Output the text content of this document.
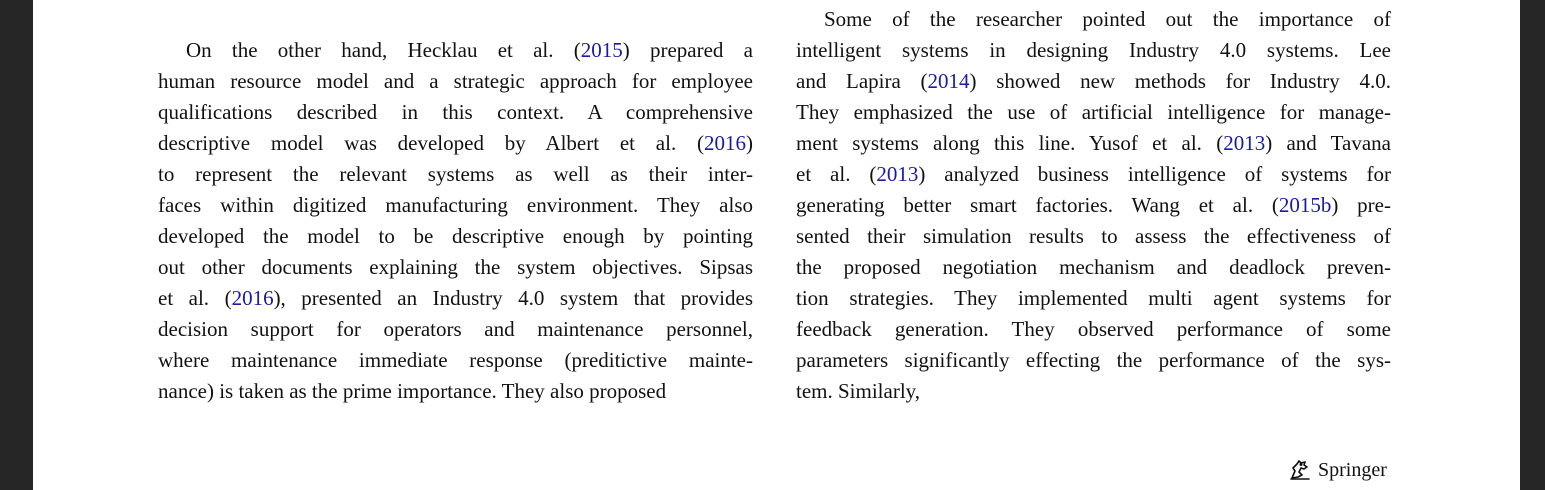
On the other hand, Hecklau et al. (2015) prepared a
human resource model and a strategic approach for employee
qualifications described in this context. A comprehensive
descriptive model was developed by Albert et al. (2016)
to represent the relevant systems as well as their inter-
faces within digitized manufacturing environment. They also
developed the model to be descriptive enough by pointing
out other documents explaining the system objectives. Sipsas
et al. (2016), presented an Industry 4.0 system that provides
decision support for operators and maintenance personnel,
where maintenance immediate response (preditictive mainte-
nance) is taken as the prime importance. They also proposed
Some of the researcher pointed out the importance of
intelligent systems in designing Industry 4.0 systems. Lee
and Lapira (2014) showed new methods for Industry 4.0.
They emphasized the use of artificial intelligence for manage-
ment systems along this line. Yusof et al. (2013) and Tavana
et al. (2013) analyzed business intelligence of systems for
generating better smart factories. Wang et al. (2015b) pre-
sented their simulation results to assess the effectiveness of
the proposed negotiation mechanism and deadlock preven-
tion strategies. They implemented multi agent systems for
feedback generation. They observed performance of some
parameters significantly effecting the performance of the sys-
tem. Similarly,
Springer
